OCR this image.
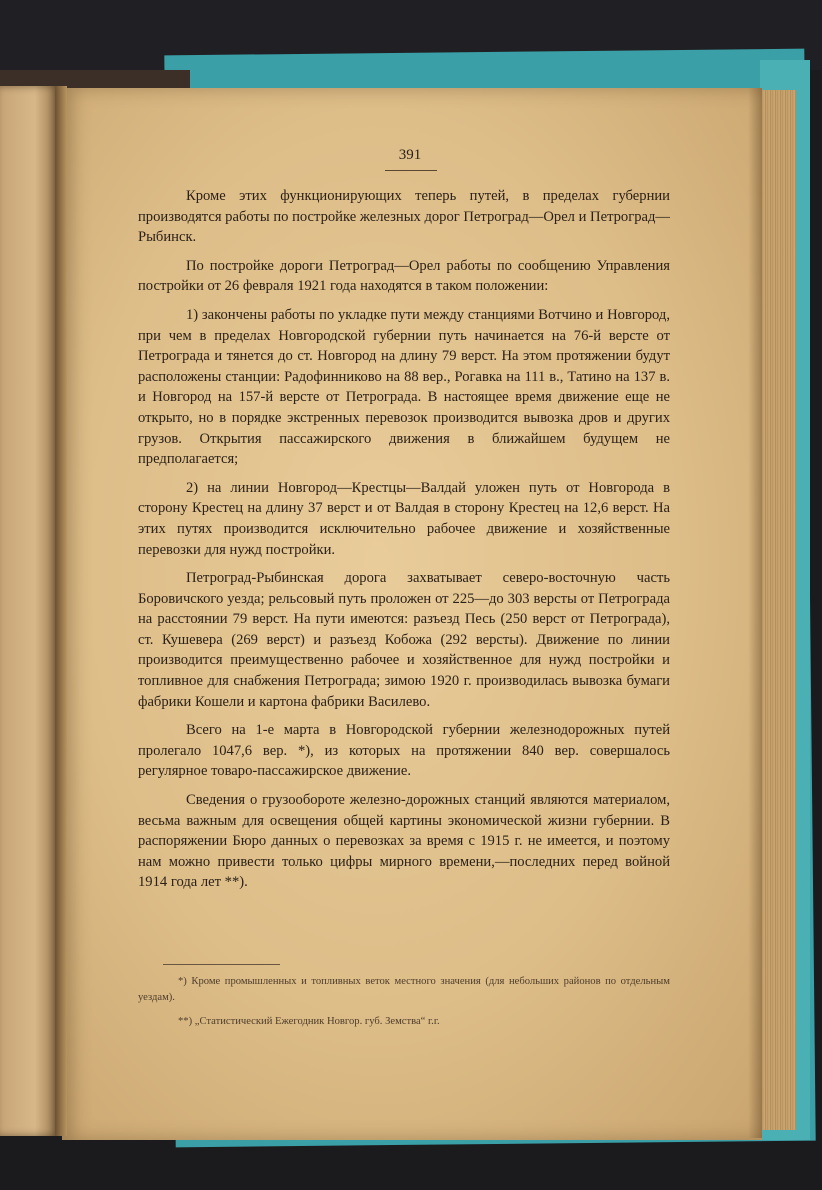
391

Кроме этих функционирующих теперь путей, в пределах губернии производятся работы по постройке железных дорог Петроград—Орел и Петроград—Рыбинск.

По постройке дороги Петроград—Орел работы по сообщению Управления постройки от 26 февраля 1921 года находятся в таком положении:

1) закончены работы по укладке пути между станциями Вотчино и Новгород, при чем в пределах Новгородской губернии путь начинается на 76-й версте от Петрограда и тянется до ст. Новгород на длину 79 верст. На этом протяжении будут расположены станции: Радофинниково на 88 вер., Рогавка на 111 в., Татино на 137 в. и Новгород на 157-й версте от Петрограда. В настоящее время движение еще не открыто, но в порядке экстренных перевозок производится вывозка дров и других грузов. Открытия пассажирского движения в ближайшем будущем не предполагается;

2) на линии Новгород—Крестцы—Валдай уложен путь от Новгорода в сторону Крестец на длину 37 верст и от Валдая в сторону Крестец на 12,6 верст. На этих путях производится исключительно рабочее движение и хозяйственные перевозки для нужд постройки.

Петроград-Рыбинская дорога захватывает северо-восточную часть Боровичского уезда; рельсовый путь проложен от 225—до 303 версты от Петрограда на расстоянии 79 верст. На пути имеются: разъезд Песь (250 верст от Петрограда), ст. Кушевера (269 верст) и разъезд Кобожа (292 версты). Движение по линии производится преимущественно рабочее и хозяйственное для нужд постройки и топливное для снабжения Петрограда; зимою 1920 г. производилась вывозка бумаги фабрики Кошели и картона фабрики Василево.

Всего на 1-е марта в Новгородской губернии железнодорожных путей пролегало 1047,6 вер. *), из которых на протяжении 840 вер. совершалось регулярное товаро-пассажирское движение.

Сведения о грузообороте железно-дорожных станций являются материалом, весьма важным для освещения общей картины экономической жизни губернии. В распоряжении Бюро данных о перевозках за время с 1915 г. не имеется, и поэтому нам можно привести только цифры мирного времени,—последних перед войной 1914 года лет **).

*) Кроме промышленных и топливных веток местного значения (для небольших районов по отдельным уездам).

**) „Статистический Ежегодник Новгор. губ. Земства“ г.г.
